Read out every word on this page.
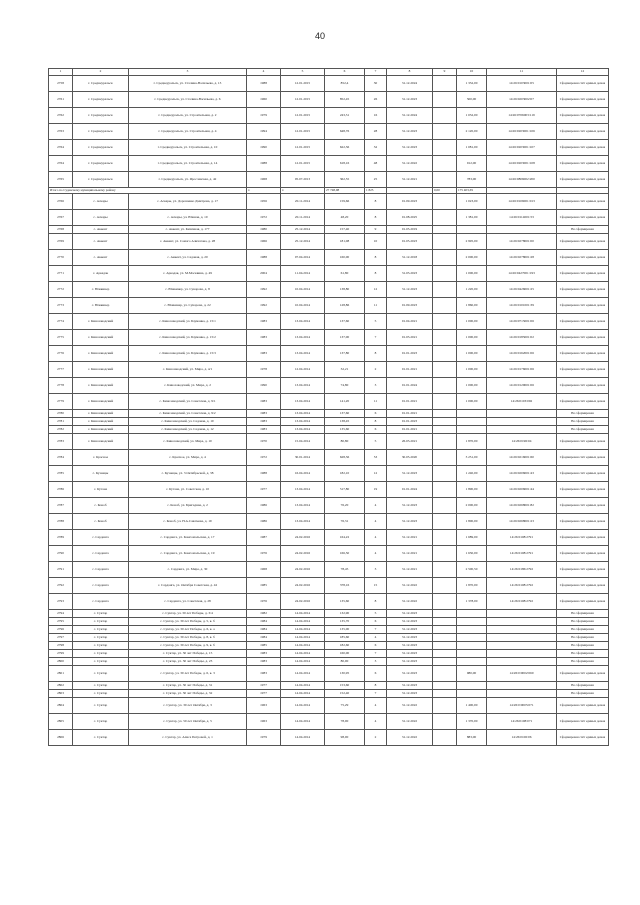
40
1	2	3	4	5	6	7	8	9	10	11	12
2758	г. Среднеуральск	г. Среднеуральск, ул. Сталина-Васильева, д. 13	1988	12.01.2015	852,4	30	31.12.2024		1 332,00	14:26:0103001:05	Сформирован счёт единых домов
2761	г. Среднеуральск	г. Среднеуральск, ул. Сталина-Васильева, д. 6	1960	12.01.2015	852,45	26	31.12.2023		500,00	14:26:0203002:07	Сформирован счёт единых домов
2762	г. Среднеуральск	г. Среднеуральск, ул. Строительная, д. 2	1979	12.01.2015	243,31	16	31.12.2024		1 032,00	14:26:0706003:119	Сформирован счёт единых домов
2763	г. Среднеуральск	г. Среднеуральск, ул. Строительная, д. 4	1994	12.01.2015	648,76	28	31.12.2023		2 120,00	14:26:0203001:106	Сформирован счёт единых домов
2764	г. Среднеуральск	г. Среднеуральск, ул. Строительная, д. 10	1990	12.01.2015	622,36	32	31.12.2023		1 081,00	14:26:0203001:107	Сформирован счёт единых домов
2764	г. Среднеуральск	г. Среднеуральск, ул. Строительная, д. 14	1988	12.01.2015	618,16	48	31.12.2022		912,00	14:26:0203001:108	Сформирован счёт единых домов
2765	г. Среднеуральск	г. Среднеуральск, ул. Ярославская, д. 42	1968	05.07.2013	362,55	25	31.12.2021		783,00	14:26:0806002:200	Сформирован счёт единых домов
Итого по Судакскому муниципальному району			x	x	27 748,98	1 825		0,00	175 403,39		
2766	с. Аскары	с. Аскары, ул. Дорошенко Дмитрова, д. 17	1956	20.11.2014	159,66	8	01.09.2023		1 023,00	14:26:0106001:013	Сформирован счёт единых домов
2767	с. Аскары	с. Аскары, ул. Южная, д. 10	1972	20.11.2014	48,20	8	01.08.2025		1 381,00	14:26:0114001:53	Сформирован счёт единых домов
2768	с. Аккент	с. Аккент, ул. Кизячная, д. 177	1980	25.12.2014	157,40	9	01.05.2019				Не сформирован
2769	с. Аккент	с. Аккент, ул. Самого Алихатова, д. 28	1966	25.12.2014	181,08	10	01.05.2023		2 995,00	14:26:0278001:00	Сформирован счёт единых домов
2770	с. Аккент	с. Аккент, ул. Садовая, д. 20	1988	07.04.2014	160,00	8	31.12.2018		2 000,00	14:26:0278001:28	Сформирован счёт единых домов
2771	с. Аркадак	с. Аркадак, ул. М.Москвина, д. 49	2004	11.04.2014	61,80	8	31.03.2023		1 000,00	14:26:0427001:193	Сформирован счёт единых домов
2772	с. Южкинер	с. Южкинер, ул. Суворова, д. 8	1992	10.04.2014	138,80	12	31.12.2023		1 220,00	14:26:0426001:25	Сформирован счёт единых домов
2773	с. Южкинер	с. Южкинер, ул. Суворова, д. 22	1992	10.04.2014	128,86	11	01.09.2023		1 860,00	14:26:0101001:39	Сформирован счёт единых домов
2774	с. Кинозаводский	с. Кинозаводский, ул. Бауманка, д. 15/1	1983	13.04.2014	137,60	5	01.04.2021		1 000,00	14:26:0715001:06	Сформирован счёт единых домов
2775	с. Кинозаводский	с. Кинозаводский, ул. Бауманка, д. 15/2	1983	13.04.2014	137,00	7	01.03.2021		1 000,00	14:26:0185001:02	Сформирован счёт единых домов
2776	с. Кинозаводский	с. Кинозаводский, ул. Бауманка, д. 15/3	1983	13.04.2014	137,80	8	01.01.2023		1 000,00	14:26:0162001:06	Сформирован счёт единых домов
2777	с. Кинозаводский	с. Кинозаводский, ул. Мира, д. 4/1	1978	12.04.2014	32,21	2	01.01.2021		1 000,00	14:26:0176001:06	Сформирован счёт единых домов
2778	с. Кинозаводский	с. Кинозаводский, ул. Мира, д. 2	1990	13.04.2014	74,80	3	01.01.2024		1 000,00	14:26:0129001:06	Сформирован счёт единых домов
2779	с. Кинозаводский	с. Кинозаводский, ул. Советская, д. 9/1	1983	13.04.2014	141,20	11	01.01.2021		1 000,00	14:26:0103:092	Сформирован счёт единых домов
2780	с. Кинозаводский	с. Кинозаводский, ул. Советская, д. 9/2	1983	13.04.2014	137,60	6	01.01.2021				Не сформирован
2781	с. Кинозаводский	с. Кинозаводский, ул. Садовая, д. 10	1983	13.04.2014	138,45	8	01.01.2023				Не сформирован
2782	с. Кинозаводский	с. Кинозаводский, ул. Садовая, д. 12	1983	13.04.2014	135,60	6	01.01.2021				Не сформирован
2783	с. Кинозаводский	с. Кинозаводский, ул. Мира, д. 10	1970	15.04.2014	80,80	5	26.03.2021		1 870,00	14:26:0196:04	Сформирован счёт единых домов
2784	с. Красное	с. Красное, ул. Мира, д. 4	1972	30.01.2014	628,36	53	30.05.2020		3 251,00	14:26:0216001:60	Сформирован счёт единых домов
2785	с. Кузнецы	с. Кузнецы, ул. 3 Октябрьской, д. 38	1988	16.04.2014	182,10	12	31.12.2023		1 240,00	14:26:0206001:43	Сформирован счёт единых домов
2786	с. Кутана	с. Кутана, ул. Советская, д. 10	1977	13.04.2014	517,80	19	01.01.2024		1 890,00	14:26:0206001:44	Сформирован счёт единых домов
2787	с. Коноб	с. Коноб, ул. Бригадная, д. 2	1986	13.04.2014	76,20	4	31.12.2023		2 000,00	14:26:0268001:82	Сформирован счёт единых домов
2788	с. Коноб	с. Коноб, ул. Н.А.Саватеева, д. 19	1986	13.04.2014	76,31	4	31.12.2023		1 800,00	14:26:0268001:23	Сформирован счёт единых домов
2789	с. Сарданга	с. Сарданга, ул. Комсомольская, д. 17	1987	24.02.2016	164,22	4	31.12.2021		1 689,00	14:26:0108:2791	Сформирован счёт единых домов
2790	с. Сарданга	с. Сарданга, ул. Комсомольская, д. 19	1976	24.02.2016	166,50	4	31.12.2021		1 630,00	14:26:0108:2791	Сформирован счёт единых домов
2791	с. Сарданга	с. Сарданга, ул. Мира, д. 30	1968	24.02.2016	78,45	3	31.12.2021		2 500,50	14:26:0186:2792	Сформирован счёт единых домов
2792	с. Сарданга	с. Сарданга, ул. Октября Советская, д. 42	1985	24.02.2016	378,16	15	31.12.2022		1 870,00	14:26:0108:2792	Сформирован счёт единых домов
2793	с. Сарданга	с. Сарданга, ул. Советская, д. 28	1976	24.02.2016	135,60	8	31.12.2022		1 378,00	14:26:0108:2792	Сформирован счёт единых домов
2794	с. Суктар	с. Суктар, ул. 30 лет Победы, д. 3/4	1982	14.04.2014	132,90	5	31.12.2023				Не сформирован
2795	с. Суктар	с. Суктар, ул. 30 лет Победы, д. 5, к. б	1984	14.04.2014	135,70	6	31.12.2023				Не сформирован
2796	с. Суктар	с. Суктар, ул. 30 лет Победы, д. 6, к. а	1984	14.04.2014	135,00	7	31.12.2023				Не сформирован
2797	с. Суктар	с. Суктар, ул. 30 лет Победы, д. 8, к. б	1984	14.04.2014	185,60	4	31.12.2023				Не сформирован
2798	с. Суктар	с. Суктар, ул. 30 лет Победы, д. 9, к. б	1985	14.04.2014	182,60	6	31.12.2023				Не сформирован
2799	с. Суктар	с. Суктар, ул. 30 лет Победы, д. 15	1983	14.04.2014	160,00	7	31.12.2023				Не сформирован
2800	с. Суктар	с. Суктар, ул. 30 лет Победы, д. 23	1983	14.04.2014	80,00	3	31.12.2023				Не сформирован
2801	с. Суктар	с. Суктар, ул. 30 лет Победы, д. 6, к. 3	1983	14.04.2014	130,95	6	31.12.2023		980,00	14:26:0:0002:060	Сформирован счёт единых домов
2802	с. Суктар	с. Суктар, ул. 30 лет Победы, д. 31	1977	14.04.2014	153,60	8	31.12.2023				Не сформирован
2803	с. Суктар	с. Суктар, ул. 30 лет Победы, д. 32	1977	14.04.2014	152,40	7	31.12.2023				Не сформирован
2804	с. Суктар	с. Суктар, ул. 30 лет Октября, д. 3	1963	14.04.2014	75,29	4	31.12.2022		1 400,00	14:26:0:0005:071	Сформирован счёт единых домов
2805	с. Суктар	с. Суктар, ул. 50 лет Октября, д. 5	1963	14.04.2014	78,00	4	31.12.2022		1 370,00	14:26:0108:071	Сформирован счёт единых домов
2806	с. Суктар	с. Суктар, ул. Алиса Петровой, д. 1	1979	14.04.2014	98,00	2	31.12.2022		883,00	14:26:0106:06	Сформирован счёт единых домов
